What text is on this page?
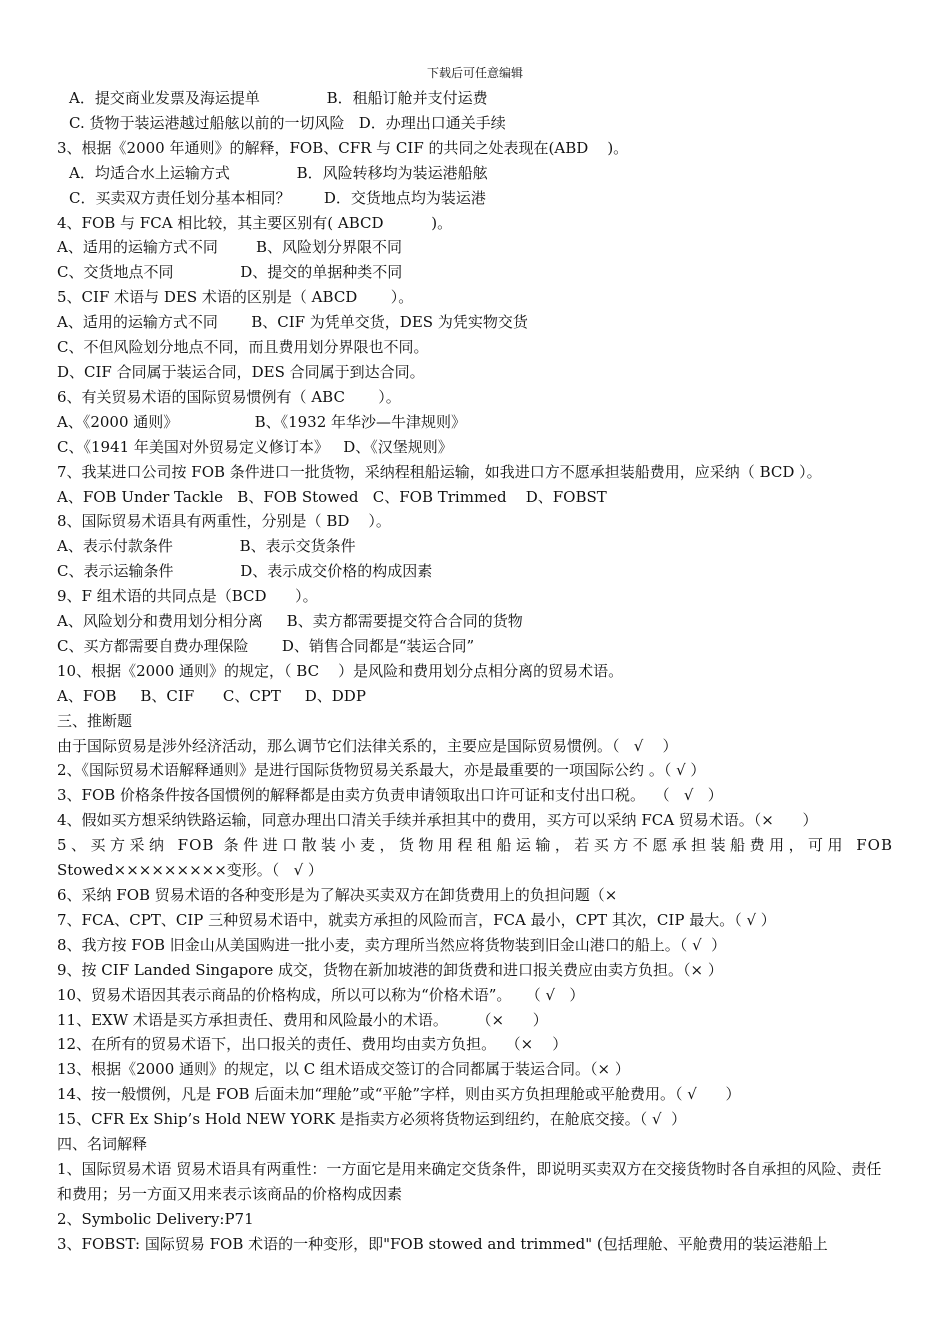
下载后可任意编辑

A．提交商业发票及海运提单              B．租船订舱并支付运费

C. 货物于装运港越过船舷以前的一切风险   D．办理出口通关手续

3、根据《2000 年通则》的解释，FOB、CFR 与 CIF 的共同之处表现在(ABD    )。

A．均适合水上运输方式              B．风险转移均为装运港船舷

C．买卖双方责任划分基本相同？       D．交货地点均为装运港

4、FOB 与 FCA 相比较，其主要区别有( ABCD          )。

A、适用的运输方式不同        B、风险划分界限不同

C、交货地点不同              D、提交的单据种类不同

5、CIF 术语与 DES 术语的区别是（ ABCD       ）。

A、适用的运输方式不同       B、CIF 为凭单交货，DES 为凭实物交货

C、不但风险划分地点不同，而且费用划分界限也不同。

D、CIF 合同属于装运合同，DES 合同属于到达合同。

6、有关贸易术语的国际贸易惯例有（ ABC       ）。

A、《2000 通则》                B、《1932 年华沙—牛津规则》

C、《1941 年美国对外贸易定义修订本》   D、《汉堡规则》

7、我某进口公司按 FOB 条件进口一批货物，采纳程租船运输，如我进口方不愿承担装船费用，应采纳（ BCD ）。

A、FOB Under Tackle   B、FOB Stowed   C、FOB Trimmed    D、FOBST

8、国际贸易术语具有两重性，分别是（ BD    ）。

A、表示付款条件              B、表示交货条件

C、表示运输条件              D、表示成交价格的构成因素

9、F 组术语的共同点是（BCD      ）。

A、风险划分和费用划分相分离     B、卖方都需要提交符合合同的货物

C、买方都需要自费办理保险       D、销售合同都是“装运合同”

10、根据《2000 通则》的规定，（ BC    ）是风险和费用划分点相分离的贸易术语。

A、FOB     B、CIF      C、CPT     D、DDP

三、推断题

由于国际贸易是涉外经济活动，那么调节它们法律关系的，主要应是国际贸易惯例。（   √    ）

2、《国际贸易术语解释通则》是进行国际货物贸易关系最大，亦是最重要的一项国际公约 。（ √ ）

3、FOB 价格条件按各国惯例的解释都是由卖方负责申请领取出口许可证和支付出口税。  （   √   ）

4、假如买方想采纳铁路运输，同意办理出口清关手续并承担其中的费用，买方可以采纳 FCA 贸易术语。（×      ）

5、买方采纳 FOB 条件进口散装小麦，货物用程租船运输，若买方不愿承担装船费用，可用 FOB

Stowed×××××××××变形。（   √ ）

6、采纳 FOB 贸易术语的各种变形是为了解决买卖双方在卸货费用上的负担问题（×

7、FCA、CPT、CIP 三种贸易术语中，就卖方承担的风险而言，FCA 最小，CPT 其次，CIP 最大。（ √ ）

8、我方按 FOB 旧金山从美国购进一批小麦，卖方理所当然应将货物装到旧金山港口的船上。（ √  ）

9、按 CIF Landed Singapore 成交，货物在新加坡港的卸货费和进口报关费应由卖方负担。（× ）

10、贸易术语因其表示商品的价格构成，所以可以称为“价格术语”。   （ √   ）

11、EXW 术语是买方承担责任、费用和风险最小的术语。      （×      ）

12、在所有的贸易术语下，出口报关的责任、费用均由卖方负担。  （×    ）

13、根据《2000 通则》的规定，以 C 组术语成交签订的合同都属于装运合同。（× ）

14、按一般惯例，凡是 FOB 后面未加“理舱”或“平舱”字样，则由买方负担理舱或平舱费用。（ √      ）

15、CFR Ex Ship’s Hold NEW YORK 是指卖方必须将货物运到纽约，在舱底交接。（ √  ）

四、名词解释

1、国际贸易术语 贸易术语具有两重性：一方面它是用来确定交货条件，即说明买卖双方在交接货物时各自承担的风险、责任和费用；另一方面又用来表示该商品的价格构成因素

2、Symbolic Delivery:P71

3、FOBST: 国际贸易 FOB 术语的一种变形，即"FOB stowed and trimmed" (包括理舱、平舱费用的装运港船上
